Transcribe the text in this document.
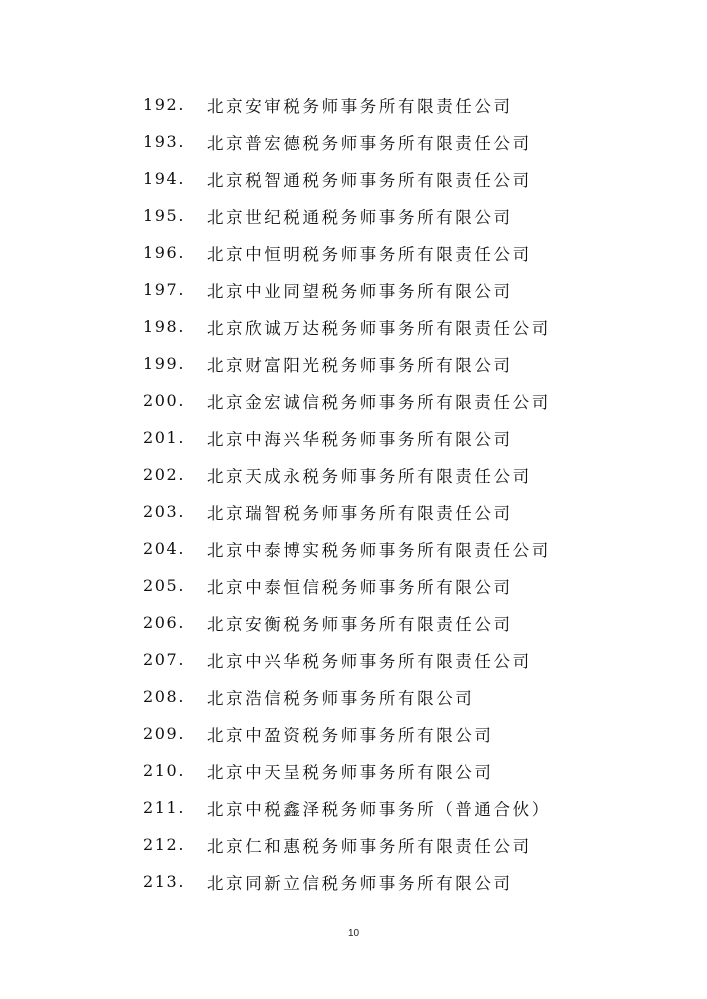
192.	北京安审税务师事务所有限责任公司
193.	北京普宏德税务师事务所有限责任公司
194.	北京税智通税务师事务所有限责任公司
195.	北京世纪税通税务师事务所有限公司
196.	北京中恒明税务师事务所有限责任公司
197.	北京中业同望税务师事务所有限公司
198.	北京欣诚万达税务师事务所有限责任公司
199.	北京财富阳光税务师事务所有限公司
200.	北京金宏诚信税务师事务所有限责任公司
201.	北京中海兴华税务师事务所有限公司
202.	北京天成永税务师事务所有限责任公司
203.	北京瑞智税务师事务所有限责任公司
204.	北京中泰博实税务师事务所有限责任公司
205.	北京中泰恒信税务师事务所有限公司
206.	北京安衡税务师事务所有限责任公司
207.	北京中兴华税务师事务所有限责任公司
208.	北京浩信税务师事务所有限公司
209.	北京中盈资税务师事务所有限公司
210.	北京中天呈税务师事务所有限公司
211.	北京中税鑫泽税务师事务所（普通合伙）
212.	北京仁和惠税务师事务所有限责任公司
213.	北京同新立信税务师事务所有限公司
10
